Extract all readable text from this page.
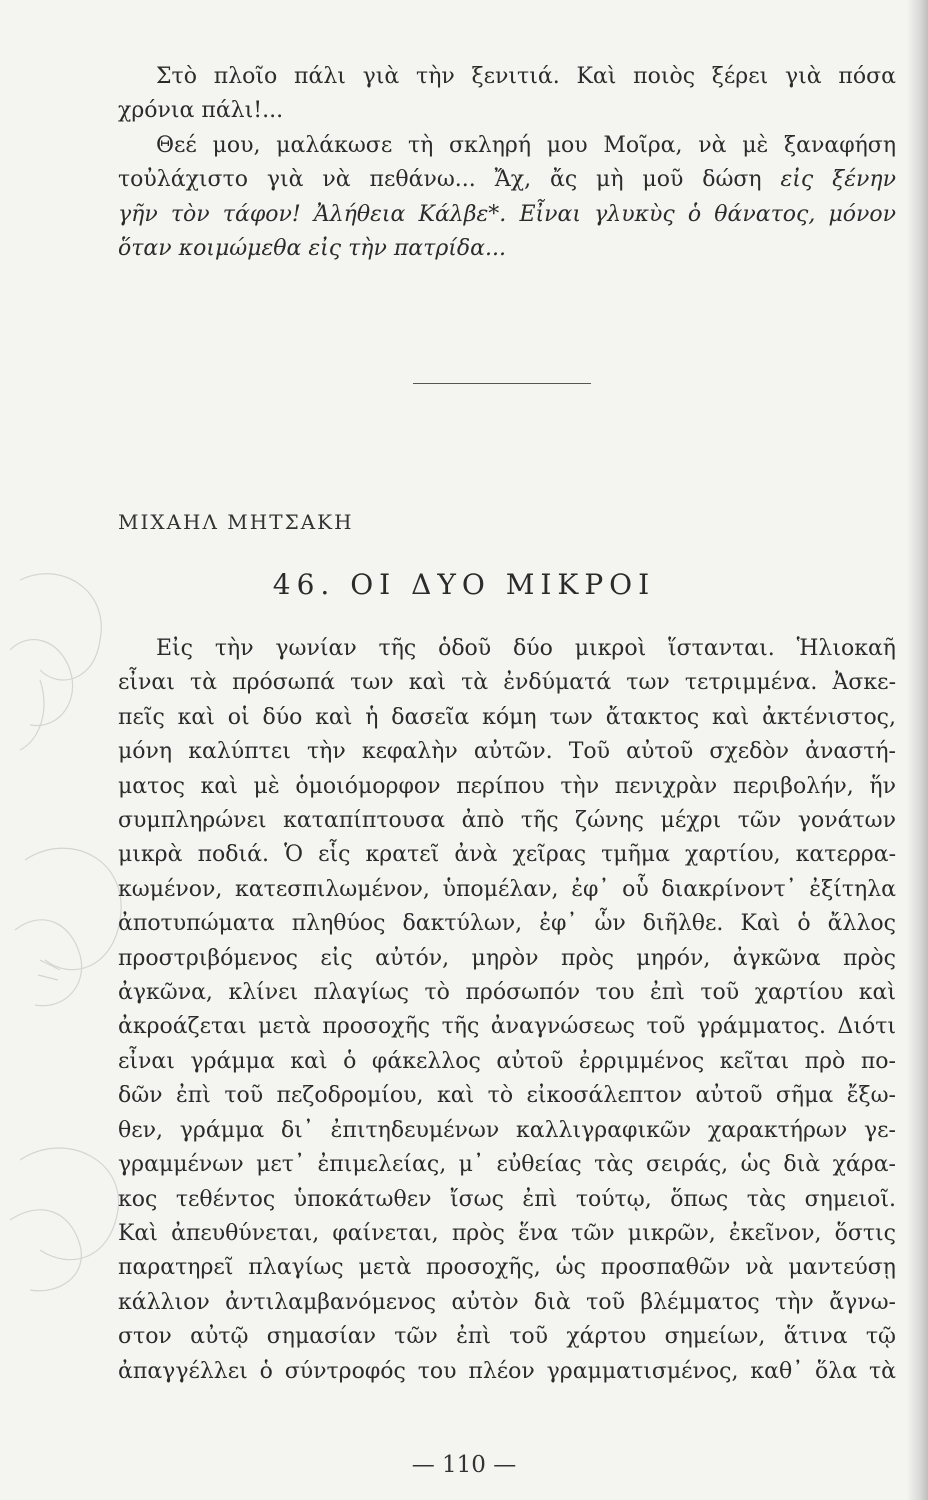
Στὸ πλοῖο πάλι γιὰ τὴν ξενιτιά. Καὶ ποιὸς ξέρει γιὰ πόσα
χρόνια πάλι!...
Θεέ μου, μαλάκωσε τὴ σκληρή μου Μοῖρα, νὰ μὲ ξαναφήση
τοὐλάχιστο γιὰ νὰ πεθάνω... Ἄχ, ἄς μὴ μοῦ δώση εἰς ξένην
γῆν τὸν τάφον! Ἀλήθεια Κάλβε*. Εἶναι γλυκὺς ὁ θάνατος, μόνον
ὅταν κοιμώμεθα εἰς τὴν πατρίδα...
ΜΙΧΑΗΛ ΜΗΤΣΑΚΗ
46. ΟΙ ΔΥΟ ΜΙΚΡΟΙ
Εἰς τὴν γωνίαν τῆς ὁδοῦ δύο μικροὶ ἵστανται. Ἡλιοκαῆ
εἶναι τὰ πρόσωπά των καὶ τὰ ἐνδύματά των τετριμμένα. Ἀσκε-
πεῖς καὶ οἱ δύο καὶ ἡ δασεῖα κόμη των ἄτακτος καὶ ἀκτένιστος,
μόνη καλύπτει τὴν κεφαλὴν αὐτῶν. Τοῦ αὐτοῦ σχεδὸν ἀναστή-
ματος καὶ μὲ ὁμοιόμορφον περίπου τὴν πενιχρὰν περιβολήν, ἥν
συμπληρώνει καταπίπτουσα ἀπὸ τῆς ζώνης μέχρι τῶν γονάτων
μικρὰ ποδιά. Ὁ εἷς κρατεῖ ἀνὰ χεῖρας τμῆμα χαρτίου, κατερρα-
κωμένον, κατεσπιλωμένον, ὑπομέλαν, ἐφ᾽ οὗ διακρίνοντ᾽ ἐξίτηλα
ἀποτυπώματα πληθύος δακτύλων, ἐφ᾽ ὧν διῆλθε. Καὶ ὁ ἄλλος
προστριβόμενος εἰς αὐτόν, μηρὸν πρὸς μηρόν, ἀγκῶνα πρὸς
ἀγκῶνα, κλίνει πλαγίως τὸ πρόσωπόν του ἐπὶ τοῦ χαρτίου καὶ
ἀκροάζεται μετὰ προσοχῆς τῆς ἀναγνώσεως τοῦ γράμματος. Διότι
εἶναι γράμμα καὶ ὁ φάκελλος αὐτοῦ ἐρριμμένος κεῖται πρὸ πο-
δῶν ἐπὶ τοῦ πεζοδρομίου, καὶ τὸ εἰκοσάλεπτον αὐτοῦ σῆμα ἔξω-
θεν, γράμμα δι᾽ ἐπιτηδευμένων καλλιγραφικῶν χαρακτήρων γε-
γραμμένων μετ᾽ ἐπιμελείας, μ᾽ εὐθείας τὰς σειράς, ὡς διὰ χάρα-
κος τεθέντος ὑποκάτωθεν ἴσως ἐπὶ τούτῳ, ὅπως τὰς σημειοῖ.
Καὶ ἀπευθύνεται, φαίνεται, πρὸς ἕνα τῶν μικρῶν, ἐκεῖνον, ὅστις
παρατηρεῖ πλαγίως μετὰ προσοχῆς, ὡς προσπαθῶν νὰ μαντεύσῃ
κάλλιον ἀντιλαμβανόμενος αὐτὸν διὰ τοῦ βλέμματος τὴν ἄγνω-
στον αὐτῷ σημασίαν τῶν ἐπὶ τοῦ χάρτου σημείων, ἅτινα τῷ
ἀπαγγέλλει ὁ σύντροφός του πλέον γραμματισμένος, καθ᾽ ὅλα τὰ
— 110 —
